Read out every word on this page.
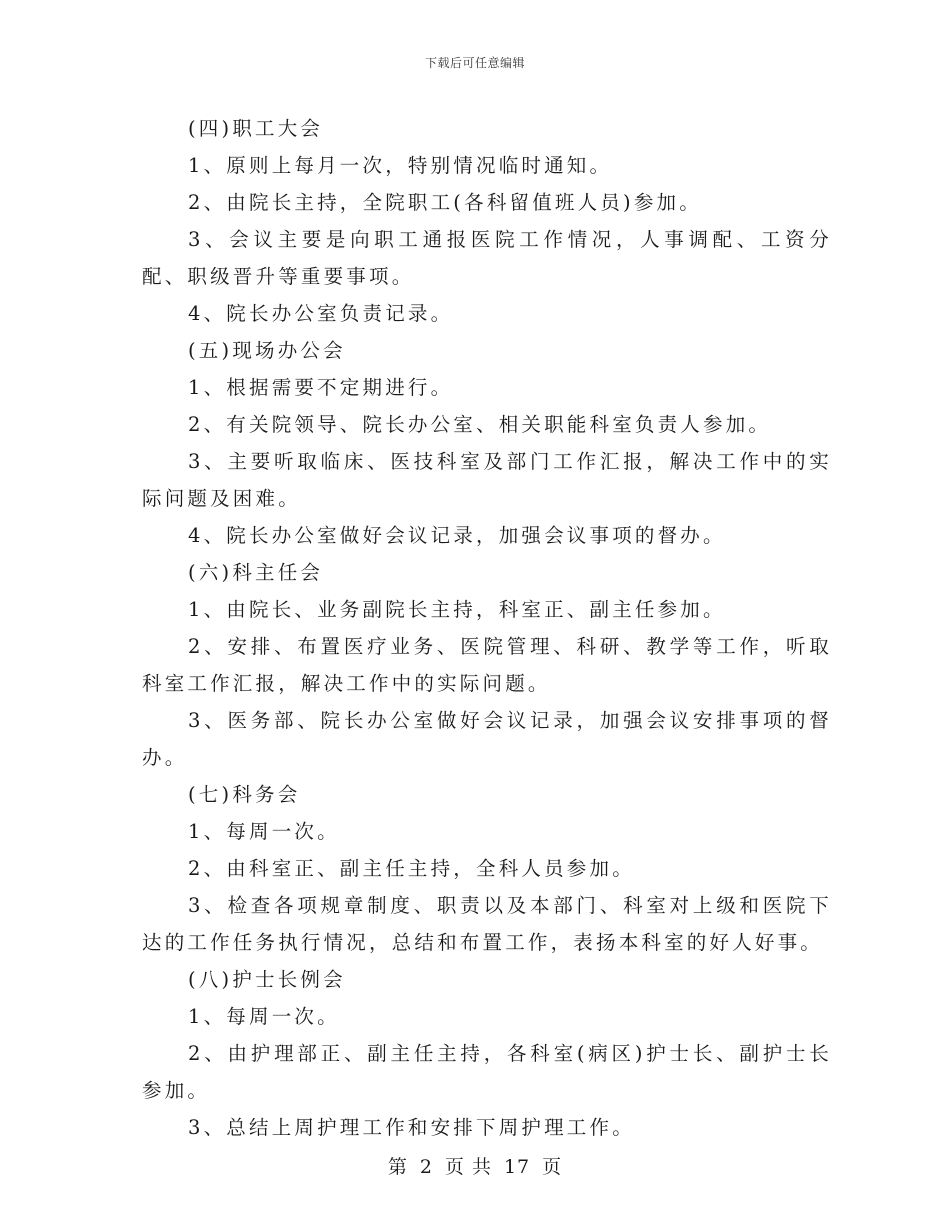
下载后可任意编辑

(四)职工大会

1、原则上每月一次，特别情况临时通知。

2、由院长主持，全院职工(各科留值班人员)参加。

3、会议主要是向职工通报医院工作情况，人事调配、工资分配、职级晋升等重要事项。

4、院长办公室负责记录。

(五)现场办公会

1、根据需要不定期进行。

2、有关院领导、院长办公室、相关职能科室负责人参加。

3、主要听取临床、医技科室及部门工作汇报，解决工作中的实际问题及困难。

4、院长办公室做好会议记录，加强会议事项的督办。

(六)科主任会

1、由院长、业务副院长主持，科室正、副主任参加。

2、安排、布置医疗业务、医院管理、科研、教学等工作，听取科室工作汇报，解决工作中的实际问题。

3、医务部、院长办公室做好会议记录，加强会议安排事项的督办。

(七)科务会

1、每周一次。

2、由科室正、副主任主持，全科人员参加。

3、检查各项规章制度、职责以及本部门、科室对上级和医院下达的工作任务执行情况，总结和布置工作，表扬本科室的好人好事。

(八)护士长例会

1、每周一次。

2、由护理部正、副主任主持，各科室(病区)护士长、副护士长参加。

3、总结上周护理工作和安排下周护理工作。

第 2 页 共 17 页
